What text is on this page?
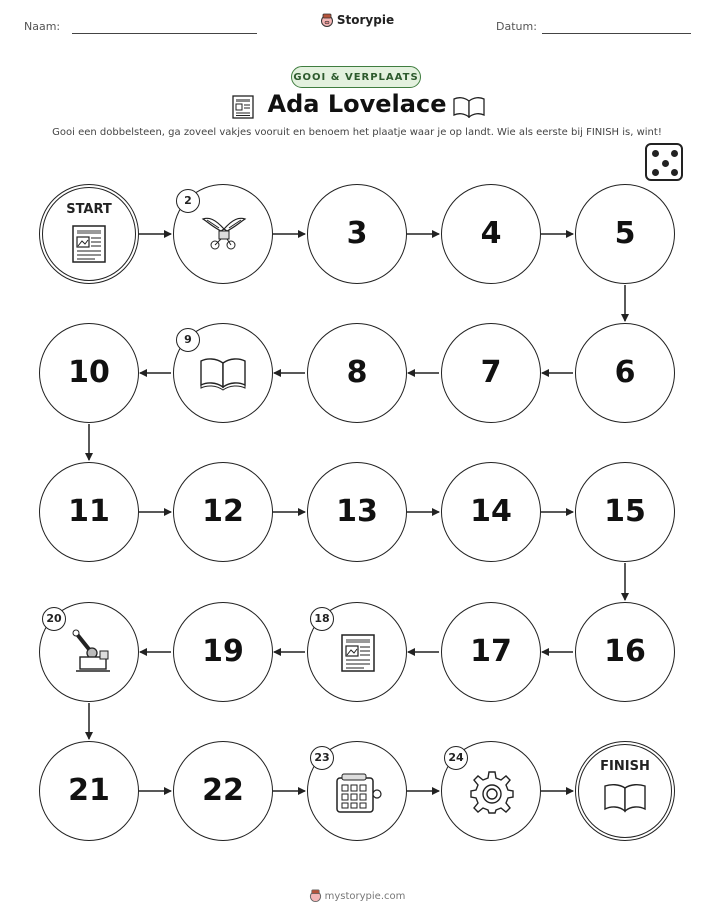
Naam:	Storypie	Datum:
GOOI & VERPLAATS
Ada Lovelace
Gooi een dobbelsteen, ga zoveel vakjes vooruit en benoem het plaatje waar je op landt. Wie als eerste bij FINISH is, wint!
START
2
3	4	5
6
7
8
9
10
11	12	13	14	15
16
17
18
19
20
21	22
23	24
FINISH
mystorypie.com
